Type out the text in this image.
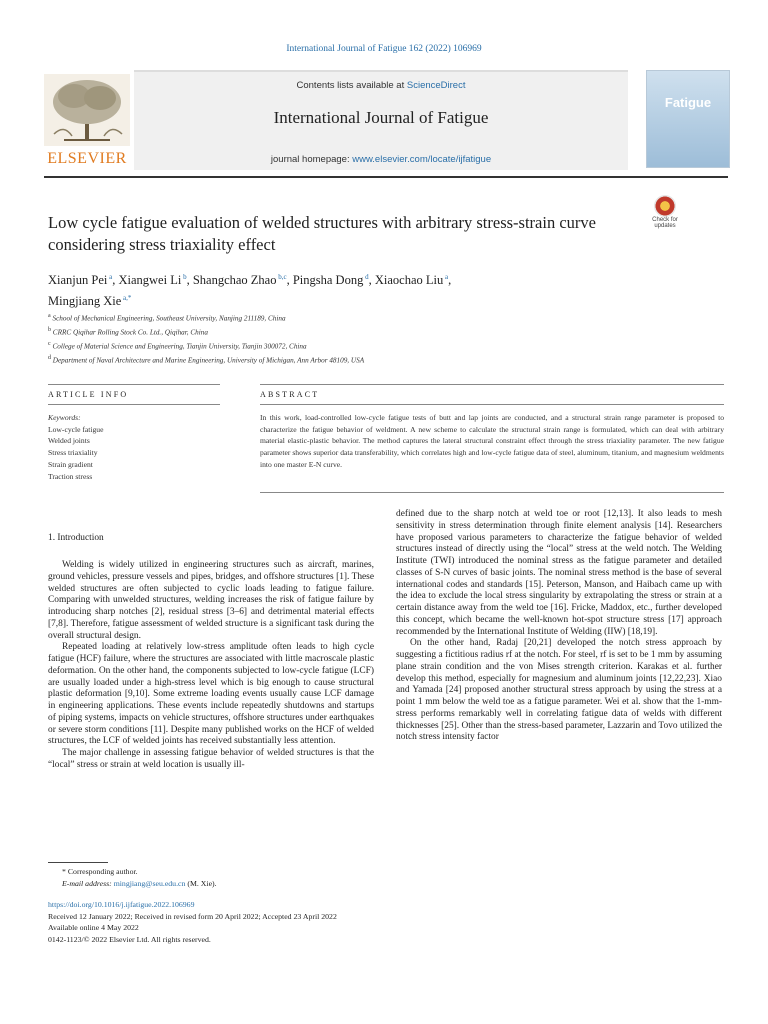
International Journal of Fatigue 162 (2022) 106969
ELSEVIER
Contents lists available at ScienceDirect
International Journal of Fatigue
journal homepage: www.elsevier.com/locate/ijfatigue
Fatigue
Low cycle fatigue evaluation of welded structures with arbitrary stress-strain curve considering stress triaxiality effect
Check for updates
Xianjun Pei $^a$, Xiangwei Li $^b$, Shangchao Zhao $^{b,c}$, Pingsha Dong $^d$, Xiaochao Liu $^a$,
Mingjiang Xie $^{a,*}$
$^a$ School of Mechanical Engineering, Southeast University, Nanjing 211189, China
$^b$ CRRC Qiqihar Rolling Stock Co. Ltd., Qiqihar, China
$^c$ College of Material Science and Engineering, Tianjin University, Tianjin 300072, China
$^d$ Department of Naval Architecture and Marine Engineering, University of Michigan, Ann Arbor 48109, USA
ARTICLE INFO	ABSTRACT
Keywords:
Low-cycle fatigue
Welded joints
Stress triaxiality
Strain gradient
Traction stress
In this work, load-controlled low-cycle fatigue tests of butt and lap joints are conducted, and a structural strain range parameter is proposed to characterize the fatigue behavior of weldment. A new scheme to calculate the structural strain range is formulated, which can deal with arbitrary material elastic-plastic behavior. The method captures the lateral structural constraint effect through the stress triaxiality parameter. The new fatigue parameter shows superior data transferability, which correlates high and low-cycle fatigue data of steel, aluminum, titanium, and magnesium weldments into one master E-N curve.
1. Introduction

Welding is widely utilized in engineering structures such as aircraft, marines, ground vehicles, pressure vessels and pipes, bridges, and offshore structures [1]. These welded structures are often subjected to cyclic loads leading to fatigue failure. Comparing with unwelded structures, welding increases the risk of fatigue failure by introducing sharp notches [2], residual stress [3–6] and detrimental material effects [7,8]. Therefore, fatigue assessment of welded structure is a significant task during the overall structural design.

Repeated loading at relatively low-stress amplitude often leads to high cycle fatigue (HCF) failure, where the structures are associated with little macroscale plastic deformation. On the other hand, the components subjected to low-cycle fatigue (LCF) are usually loaded under a high-stress level which is big enough to cause structural plastic deformation [9,10]. Some extreme loading events usually cause LCF damage in engineering applications. These events include repeatedly shutdowns and startups of piping systems, impacts on vehicle structures, offshore structures under earthquakes or severe storm conditions [11]. Despite many published works on the HCF of welded structures, the LCF of welded joints has received substantially less attention.

The major challenge in assessing fatigue behavior of welded structures is that the “local” stress or strain at weld location is usually ill-

defined due to the sharp notch at weld toe or root [12,13]. It also leads to mesh sensitivity in stress determination through finite element analysis [14]. Researchers have proposed various parameters to characterize the fatigue behavior of welded structures instead of directly using the “local” stress at the weld notch. The Welding Institute (TWI) introduced the nominal stress as the fatigue parameter and detailed classes of S-N curves of basic joints. The nominal stress method is the base of several international codes and standards [15]. Peterson, Manson, and Haibach came up with the idea to exclude the local stress singularity by extrapolating the stress or strain at a certain distance away from the weld toe [16]. Fricke, Maddox, etc., further developed this concept, which became the well-known hot-spot structure stress [17] approach recommended by the International Institute of Welding (IIW) [18,19].

On the other hand, Radaj [20,21] developed the notch stress approach by suggesting a fictitious radius rf at the notch. For steel, rf is set to be 1 mm by assuming plane strain condition and the von Mises strength criterion. Karakas et al. further develop this method, especially for magnesium and aluminum joints [12,22,23]. Xiao and Yamada [24] proposed another structural stress approach by using the stress at a point 1 mm below the weld toe as a fatigue parameter. Wei et al. show that the 1-mm-stress performs remarkably well in correlating fatigue data of welds with different thicknesses [25]. Other than the stress-based parameter, Lazzarin and Tovo utilized the notch stress intensity factor

* Corresponding author.
E-mail address: mingjiang@seu.edu.cn (M. Xie).
https://doi.org/10.1016/j.ijfatigue.2022.106969
Received 12 January 2022; Received in revised form 20 April 2022; Accepted 23 April 2022
Available online 4 May 2022
0142-1123/© 2022 Elsevier Ltd. All rights reserved.
